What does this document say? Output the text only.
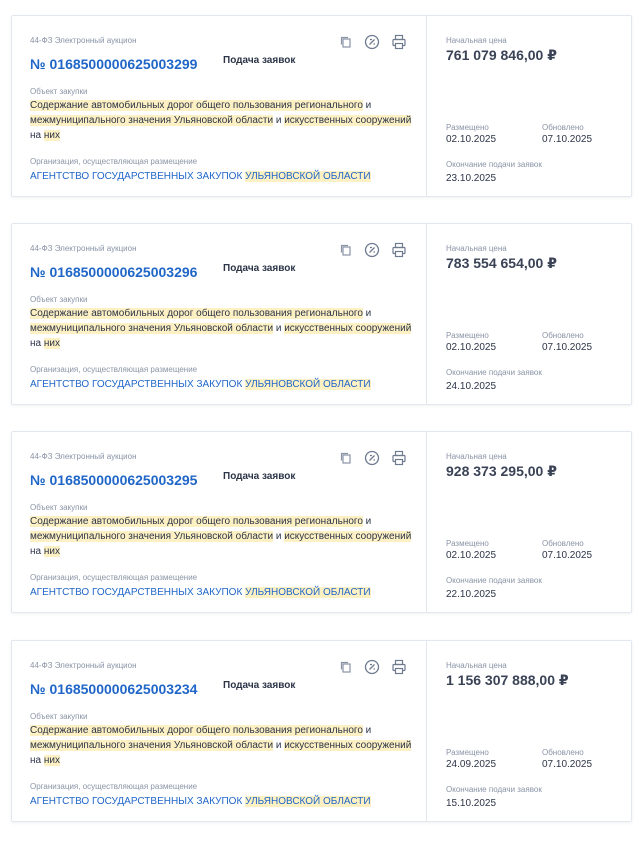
44-ФЗ Электронный аукцион
№ 0168500000625003299	Подача заявок
Объект закупки
Содержание автомобильных дорог общего пользования регионального и межмуниципального значения Ульяновской области и искусственных сооружений на них
Организация, осуществляющая размещение
АГЕНТСТВО ГОСУДАРСТВЕННЫХ ЗАКУПОК УЛЬЯНОВСКОЙ ОБЛАСТИ
Начальная цена
761 079 846,00 ₽
Размещено
02.10.2025
Обновлено
07.10.2025
Окончание подачи заявок
23.10.2025
44-ФЗ Электронный аукцион
№ 0168500000625003296	Подача заявок
Объект закупки
Содержание автомобильных дорог общего пользования регионального и межмуниципального значения Ульяновской области и искусственных сооружений на них
Организация, осуществляющая размещение
АГЕНТСТВО ГОСУДАРСТВЕННЫХ ЗАКУПОК УЛЬЯНОВСКОЙ ОБЛАСТИ
Начальная цена
783 554 654,00 ₽
Размещено
02.10.2025
Обновлено
07.10.2025
Окончание подачи заявок
24.10.2025
44-ФЗ Электронный аукцион
№ 0168500000625003295	Подача заявок
Объект закупки
Содержание автомобильных дорог общего пользования регионального и межмуниципального значения Ульяновской области и искусственных сооружений на них
Организация, осуществляющая размещение
АГЕНТСТВО ГОСУДАРСТВЕННЫХ ЗАКУПОК УЛЬЯНОВСКОЙ ОБЛАСТИ
Начальная цена
928 373 295,00 ₽
Размещено
02.10.2025
Обновлено
07.10.2025
Окончание подачи заявок
22.10.2025
44-ФЗ Электронный аукцион
№ 0168500000625003234	Подача заявок
Объект закупки
Содержание автомобильных дорог общего пользования регионального и межмуниципального значения Ульяновской области и искусственных сооружений на них
Организация, осуществляющая размещение
АГЕНТСТВО ГОСУДАРСТВЕННЫХ ЗАКУПОК УЛЬЯНОВСКОЙ ОБЛАСТИ
Начальная цена
1 156 307 888,00 ₽
Размещено
24.09.2025
Обновлено
07.10.2025
Окончание подачи заявок
15.10.2025
